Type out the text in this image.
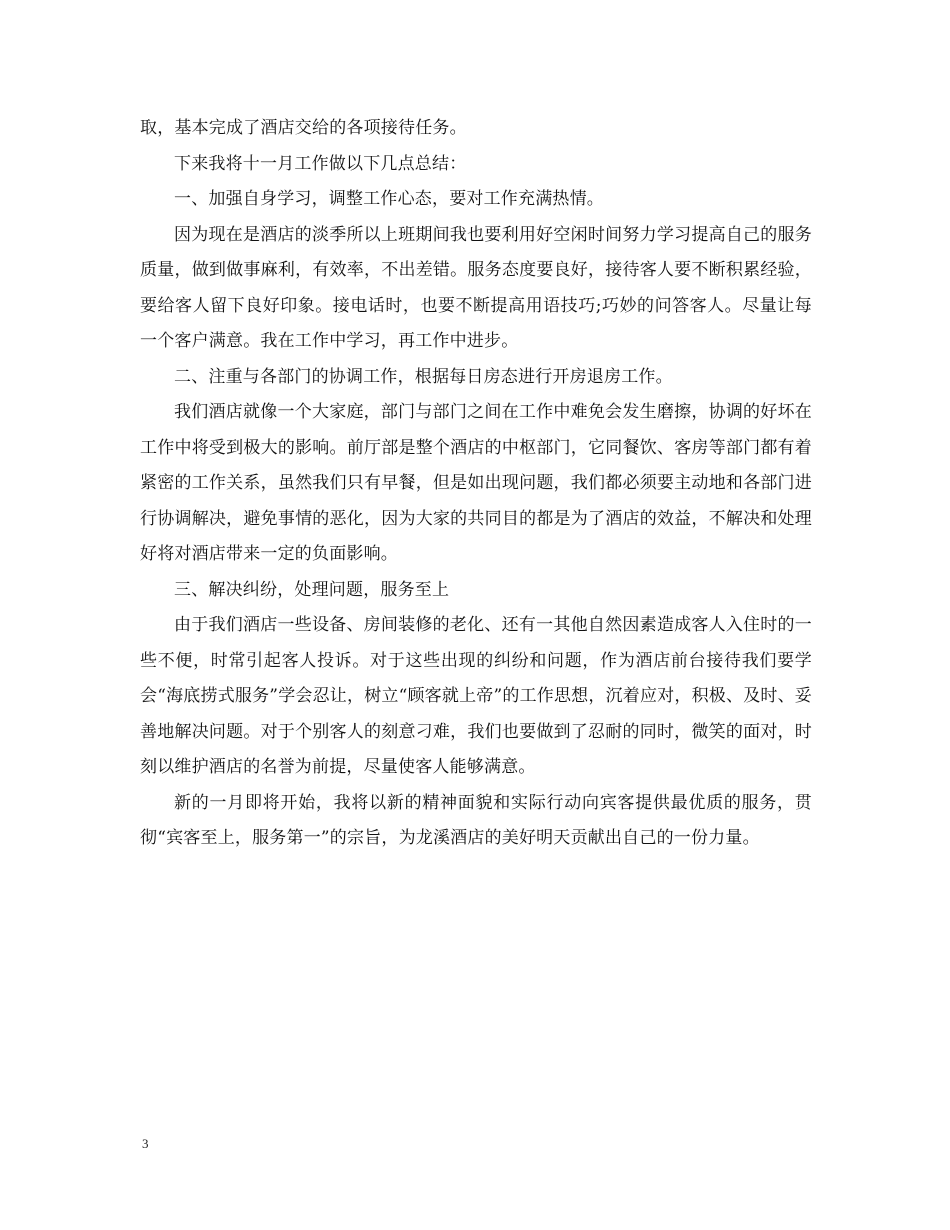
取，基本完成了酒店交给的各项接待任务。

下来我将十一月工作做以下几点总结：

一、加强自身学习，调整工作心态，要对工作充满热情。

因为现在是酒店的淡季所以上班期间我也要利用好空闲时间努力学习提高自己的服务质量，做到做事麻利，有效率，不出差错。服务态度要良好，接待客人要不断积累经验，要给客人留下良好印象。接电话时，也要不断提高用语技巧;巧妙的问答客人。尽量让每一个客户满意。我在工作中学习，再工作中进步。

二、注重与各部门的协调工作，根据每日房态进行开房退房工作。

我们酒店就像一个大家庭，部门与部门之间在工作中难免会发生磨擦，协调的好坏在工作中将受到极大的影响。前厅部是整个酒店的中枢部门，它同餐饮、客房等部门都有着紧密的工作关系，虽然我们只有早餐，但是如出现问题，我们都必须要主动地和各部门进行协调解决，避免事情的恶化，因为大家的共同目的都是为了酒店的效益，不解决和处理好将对酒店带来一定的负面影响。

三、解决纠纷，处理问题，服务至上

由于我们酒店一些设备、房间装修的老化、还有一其他自然因素造成客人入住时的一些不便，时常引起客人投诉。对于这些出现的纠纷和问题，作为酒店前台接待我们要学会“海底捞式服务”学会忍让，树立“顾客就上帝”的工作思想，沉着应对，积极、及时、妥善地解决问题。对于个别客人的刻意刁难，我们也要做到了忍耐的同时，微笑的面对，时刻以维护酒店的名誉为前提，尽量使客人能够满意。

新的一月即将开始，我将以新的精神面貌和实际行动向宾客提供最优质的服务，贯彻“宾客至上，服务第一”的宗旨，为龙溪酒店的美好明天贡献出自己的一份力量。

3
